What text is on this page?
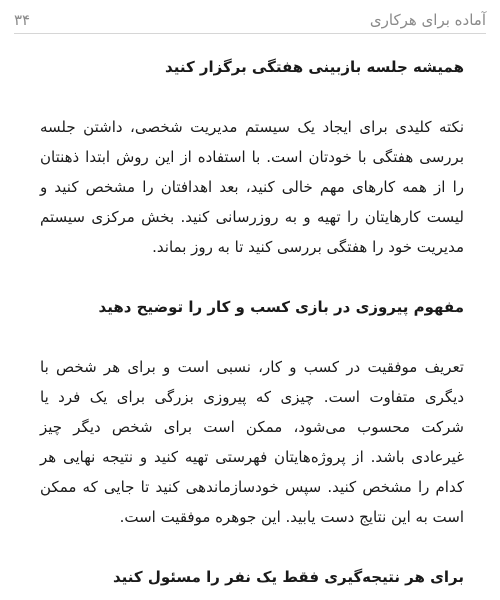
آماده برای هرکاری
۳۴

همیشه جلسه بازبینی هفتگی برگزار کنید

نکته کلیدی برای ایجاد یک سیستم مدیریت شخصی، داشتن جلسه بررسی هفتگی با خودتان است. با استفاده از این روش ابتدا ذهنتان را از همه کارهای مهم خالی کنید، بعد اهدافتان را مشخص کنید و لیست کارهایتان را تهیه و به روزرسانی کنید. بخش مرکزی سیستم مدیریت خود را هفتگی بررسی کنید تا به روز بماند.

مفهوم پیروزی در بازی کسب و کار را توضیح دهید

تعریف موفقیت در کسب و کار، نسبی است و برای هر شخص با دیگری متفاوت است. چیزی که پیروزی بزرگی برای یک فرد یا شرکت محسوب می‌شود، ممکن است برای شخص دیگر چیز غیرعادی باشد. از پروژه‌هایتان فهرستی تهیه کنید و نتیجه نهایی هر کدام را مشخص کنید. سپس خودسازماندهی کنید تا جایی که ممکن است به این نتایج دست یابید. این جوهره موفقیت است.

برای هر نتیجه‌گیری فقط یک نفر را مسئول کنید
